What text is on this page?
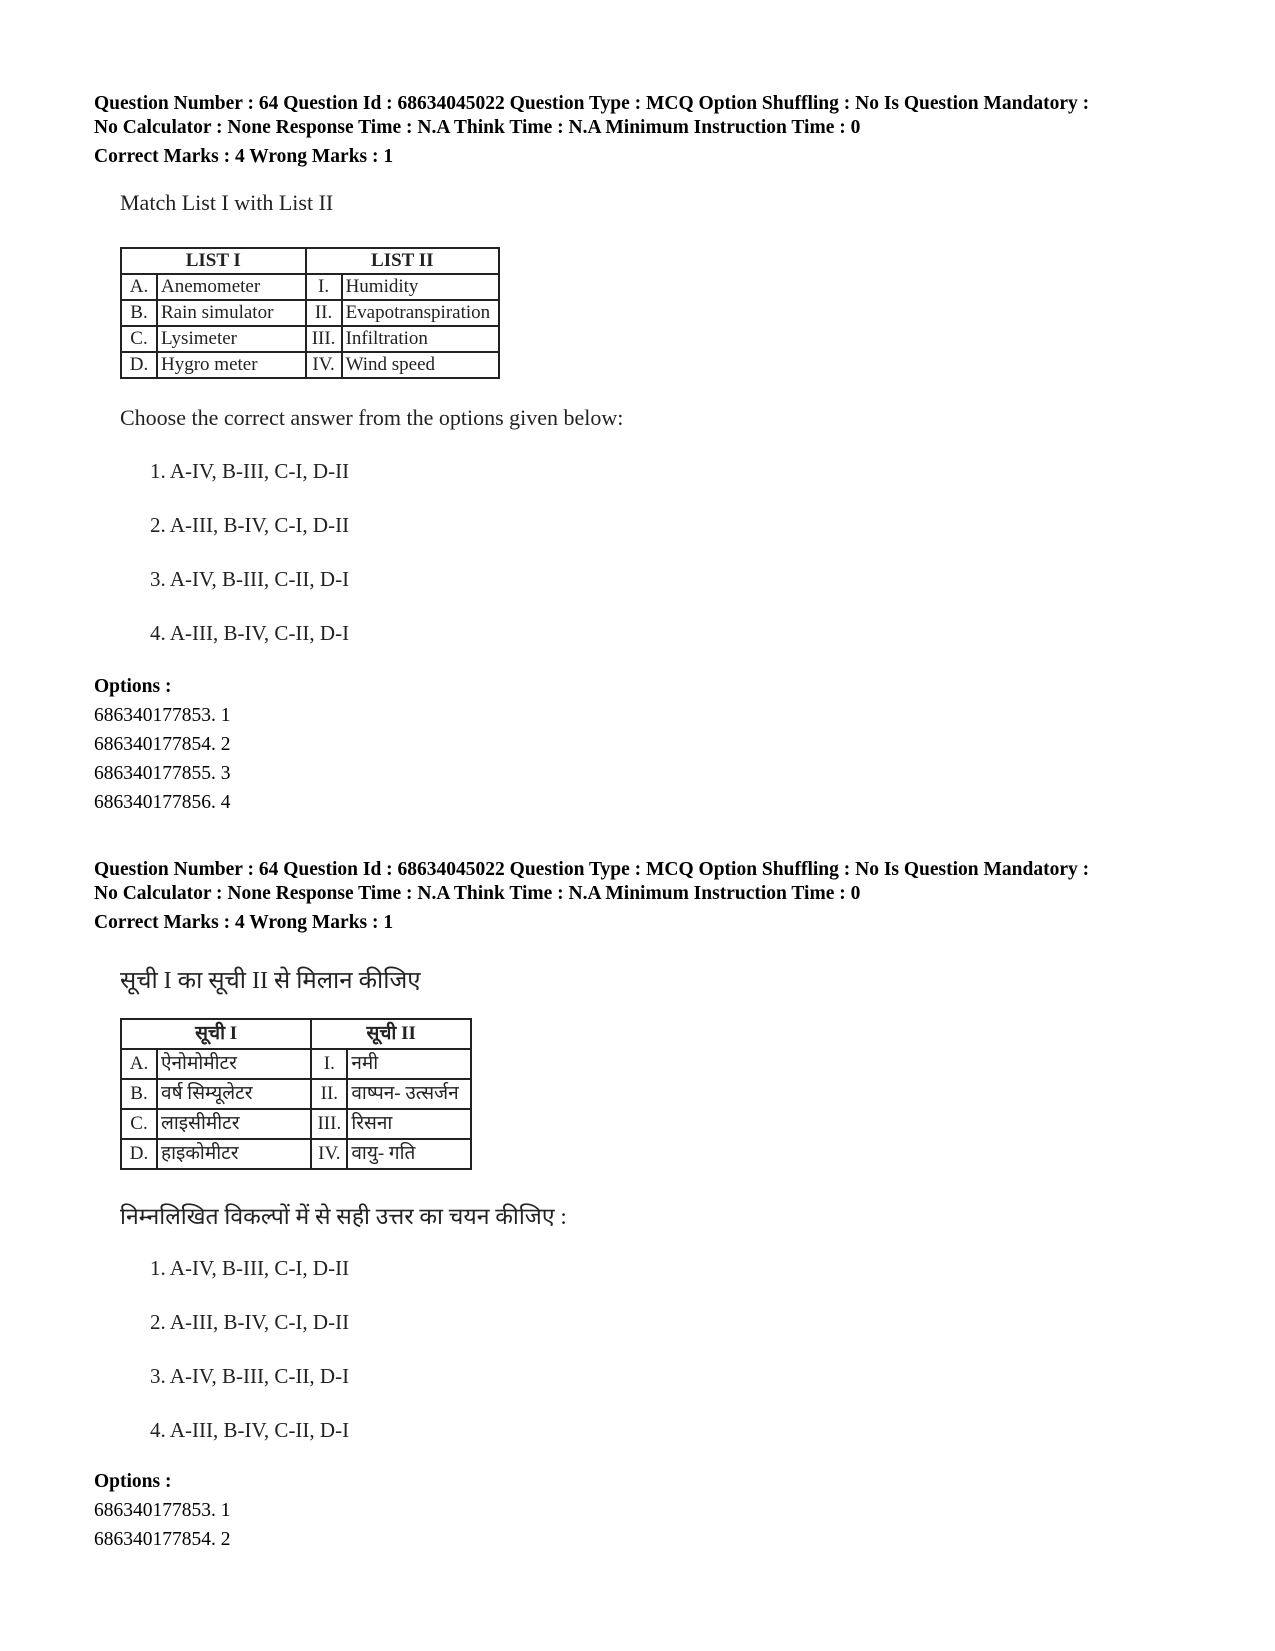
Question Number : 64 Question Id : 68634045022 Question Type : MCQ Option Shuffling : No Is Question Mandatory :

No Calculator : None Response Time : N.A Think Time : N.A Minimum Instruction Time : 0

Correct Marks : 4 Wrong Marks : 1

Match List I with List II
LIST I		LIST II	
A.	Anemometer	I.	Humidity
B.	Rain simulator	II.	Evapotranspiration
C.	Lysimeter	III.	Infiltration
D.	Hygro meter	IV.	Wind speed
Choose the correct answer from the options given below:
1. A-IV, B-III, C-I, D-II
2. A-III, B-IV, C-I, D-II
3. A-IV, B-III, C-II, D-I
4. A-III, B-IV, C-II, D-I
Options :
686340177853. 1
686340177854. 2
686340177855. 3
686340177856. 4

Question Number : 64 Question Id : 68634045022 Question Type : MCQ Option Shuffling : No Is Question Mandatory :

No Calculator : None Response Time : N.A Think Time : N.A Minimum Instruction Time : 0

Correct Marks : 4 Wrong Marks : 1

सूची I का सूची II से मिलान कीजिए
सूची I		सूची II	
A.	ऐनोमोमीटर	I.	नमी
B.	वर्ष सिम्यूलेटर	II.	वाष्पन- उत्सर्जन
C.	लाइसीमीटर	III.	रिसना
D.	हाइकोमीटर	IV.	वायु- गति
निम्नलिखित विकल्पों में से सही उत्तर का चयन कीजिए :
1. A-IV, B-III, C-I, D-II
2. A-III, B-IV, C-I, D-II
3. A-IV, B-III, C-II, D-I
4. A-III, B-IV, C-II, D-I
Options :
686340177853. 1
686340177854. 2
